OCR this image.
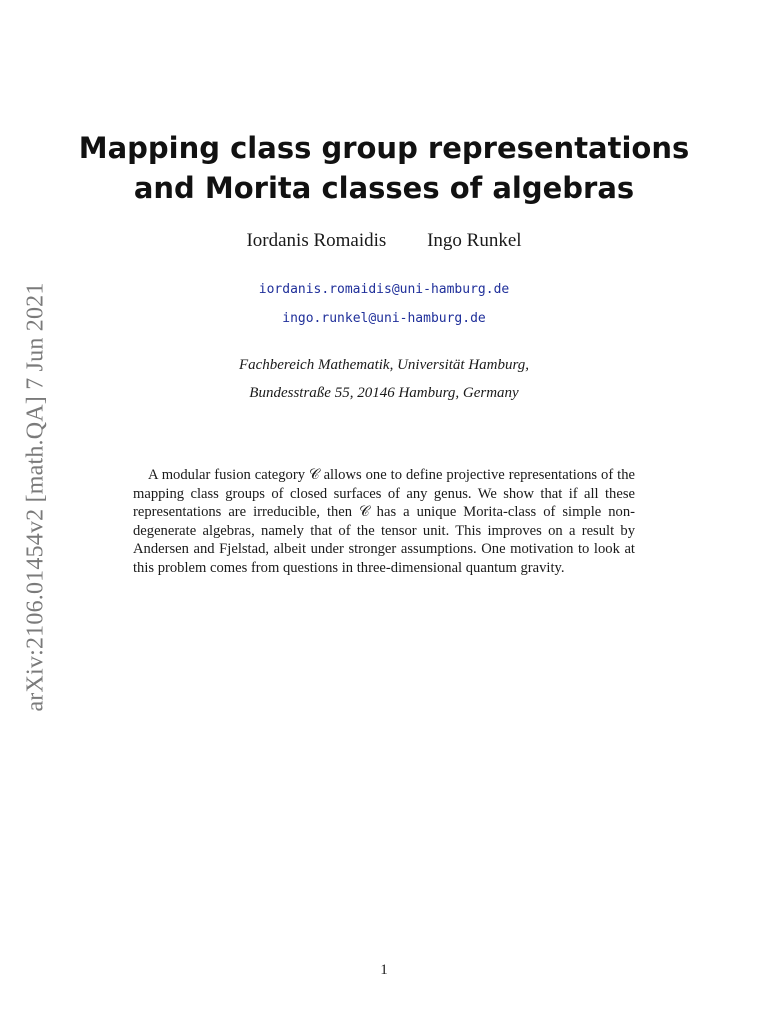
arXiv:2106.01454v2 [math.QA] 7 Jun 2021
Mapping class group representations
and Morita classes of algebras
Iordanis Romaidis Ingo Runkel
iordanis.romaidis@uni-hamburg.de
ingo.runkel@uni-hamburg.de
Fachbereich Mathematik, Universität Hamburg,
Bundesstraße 55, 20146 Hamburg, Germany

A modular fusion category 𝒞 allows one to define projective representations of the mapping class groups of closed surfaces of any genus. We show that if all these representations are irreducible, then 𝒞 has a unique Morita-class of simple non-degenerate algebras, namely that of the tensor unit. This improves on a result by Andersen and Fjelstad, albeit under stronger assumptions. One motivation to look at this problem comes from questions in three-dimensional quantum gravity.

1
